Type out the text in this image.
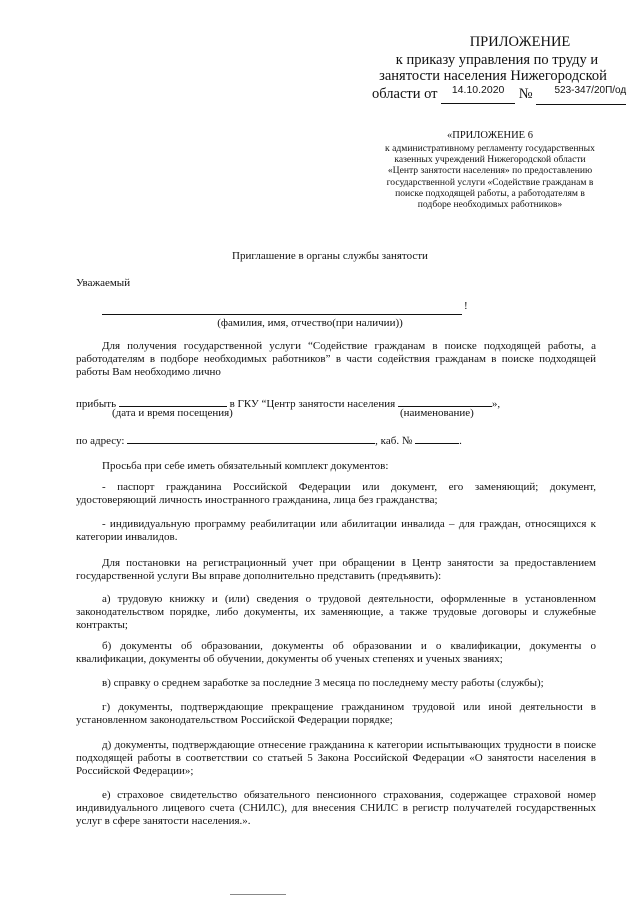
ПРИЛОЖЕНИЕ
к приказу управления по труду и
занятости населения Нижегородской
области от $^{14.10.2020}$ № $^{523-347/20П/од}$
«ПРИЛОЖЕНИЕ 6
к административному регламенту государственных
казенных учреждений Нижегородской области
«Центр занятости населения» по предоставлению
государственной услуги «Содействие гражданам в
поиске подходящей работы, а работодателям в
подборе необходимых работников»
Приглашение в органы службы занятости
Уважаемый
!
(фамилия, имя, отчество(при наличии))
Для получения государственной услуги “Содействие гражданам в поиске подходящей работы, а работодателям в подборе необходимых работников” в части содействия гражданам в поиске подходящей работы Вам необходимо лично
прибыть	в ГКУ “Центр занятости населения	»,
(дата и время посещения)	(наименование)
по адресу:	, каб. №	.
Просьба при себе иметь обязательный комплект документов:
- паспорт гражданина Российской Федерации или документ, его заменяющий; документ, удостоверяющий личность иностранного гражданина, лица без гражданства;
- индивидуальную программу реабилитации или абилитации инвалида – для граждан, относящихся к категории инвалидов.
Для постановки на регистрационный учет при обращении в Центр занятости за предоставлением государственной услуги Вы вправе дополнительно представить (предъявить):
а) трудовую книжку и (или) сведения о трудовой деятельности, оформленные в установленном законодательством порядке, либо документы, их заменяющие, а также трудовые договоры и служебные контракты;
б) документы об образовании, документы об образовании и о квалификации, документы о квалификации, документы об обучении, документы об ученых степенях и ученых званиях;
в) справку о среднем заработке за последние 3 месяца по последнему месту работы (службы);
г) документы, подтверждающие прекращение гражданином трудовой или иной деятельности в установленном законодательством Российской Федерации порядке;
д) документы, подтверждающие отнесение гражданина к категории испытывающих трудности в поиске подходящей работы в соответствии со статьей 5 Закона Российской Федерации «О занятости населения в Российской Федерации»;
е) страховое свидетельство обязательного пенсионного страхования, содержащее страховой номер индивидуального лицевого счета (СНИЛС), для внесения СНИЛС в регистр получателей государственных услуг в сфере занятости населения.».
